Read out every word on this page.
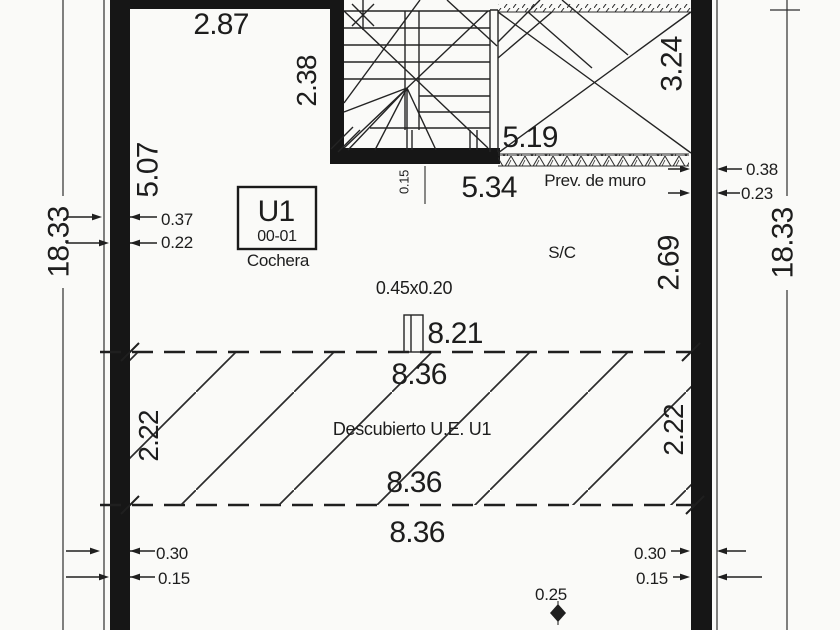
2.87
5.19
5.34 Prev. de muro
0.38
0.23
0.37
0.22
U1
00-01
Cochera	S/C
0.45x0.20
8.21
8.36
Descubierto U.E. U1
8.36
8.36
0.30
0.15
0.30
0.15
0.25
2.38
5.07
3.24
18.33	18.33
2.69
2.22	2.22
0.15
